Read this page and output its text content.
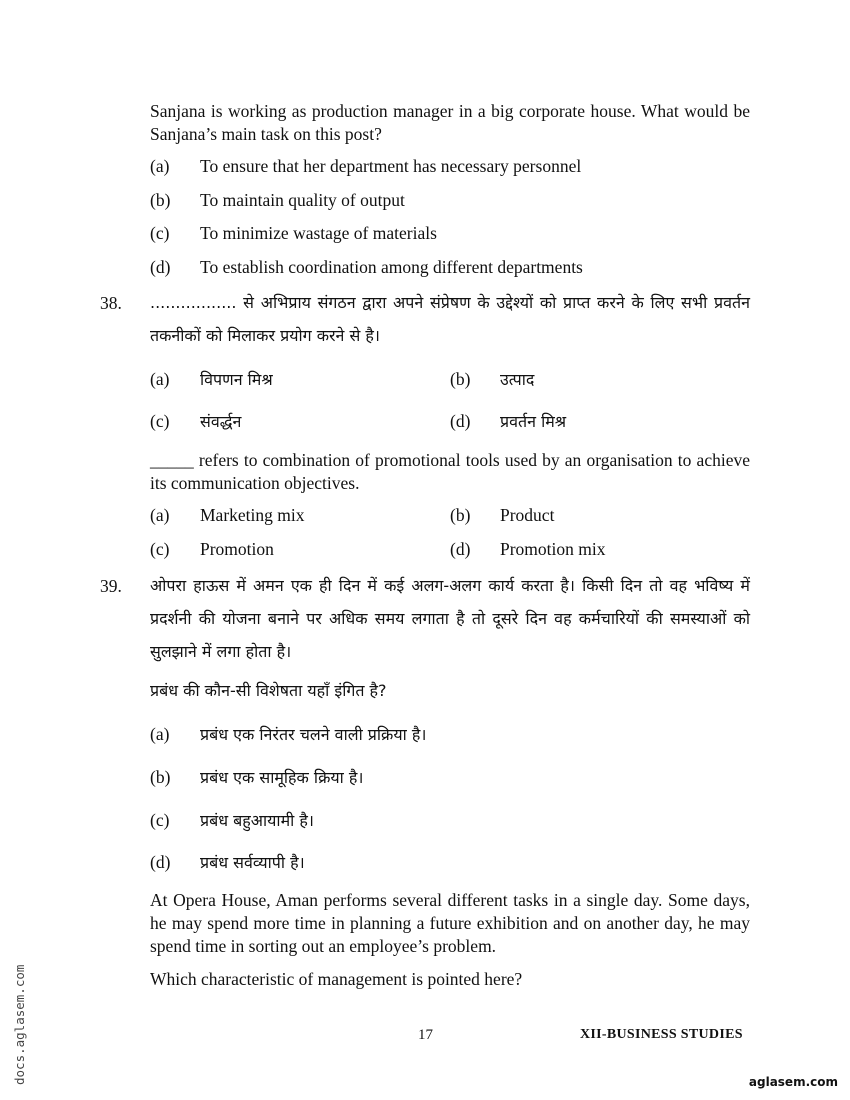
Sanjana is working as production manager in a big corporate house. What would be Sanjana’s main task on this post?
(a) To ensure that her department has necessary personnel
(b) To maintain quality of output
(c) To minimize wastage of materials
(d) To establish coordination among different departments
38. ................. से अभिप्राय संगठन द्वारा अपने संप्रेषण के उद्देश्यों को प्राप्त करने के लिए सभी प्रवर्तन तकनीकों को मिलाकर प्रयोग करने से है।
(a) विपणन मिश्र	(b) उत्पाद
(c) संवर्द्धन	(d) प्रवर्तन मिश्र
_____ refers to combination of promotional tools used by an organisation to achieve its communication objectives.
(a) Marketing mix	(b) Product
(c) Promotion	(d) Promotion mix
39. ओपरा हाऊस में अमन एक ही दिन में कई अलग-अलग कार्य करता है। किसी दिन तो वह भविष्य में प्रदर्शनी की योजना बनाने पर अधिक समय लगाता है तो दूसरे दिन वह कर्मचारियों की समस्याओं को सुलझाने में लगा होता है।
प्रबंध की कौन-सी विशेषता यहाँ इंगित है?
(a) प्रबंध एक निरंतर चलने वाली प्रक्रिया है।
(b) प्रबंध एक सामूहिक क्रिया है।
(c) प्रबंध बहुआयामी है।
(d) प्रबंध सर्वव्यापी है।
At Opera House, Aman performs several different tasks in a single day. Some days, he may spend more time in planning a future exhibition and on another day, he may spend time in sorting out an employee’s problem.
Which characteristic of management is pointed here?
17	XII-BUSINESS STUDIES
docs.aglasem.com	aglasem.com
